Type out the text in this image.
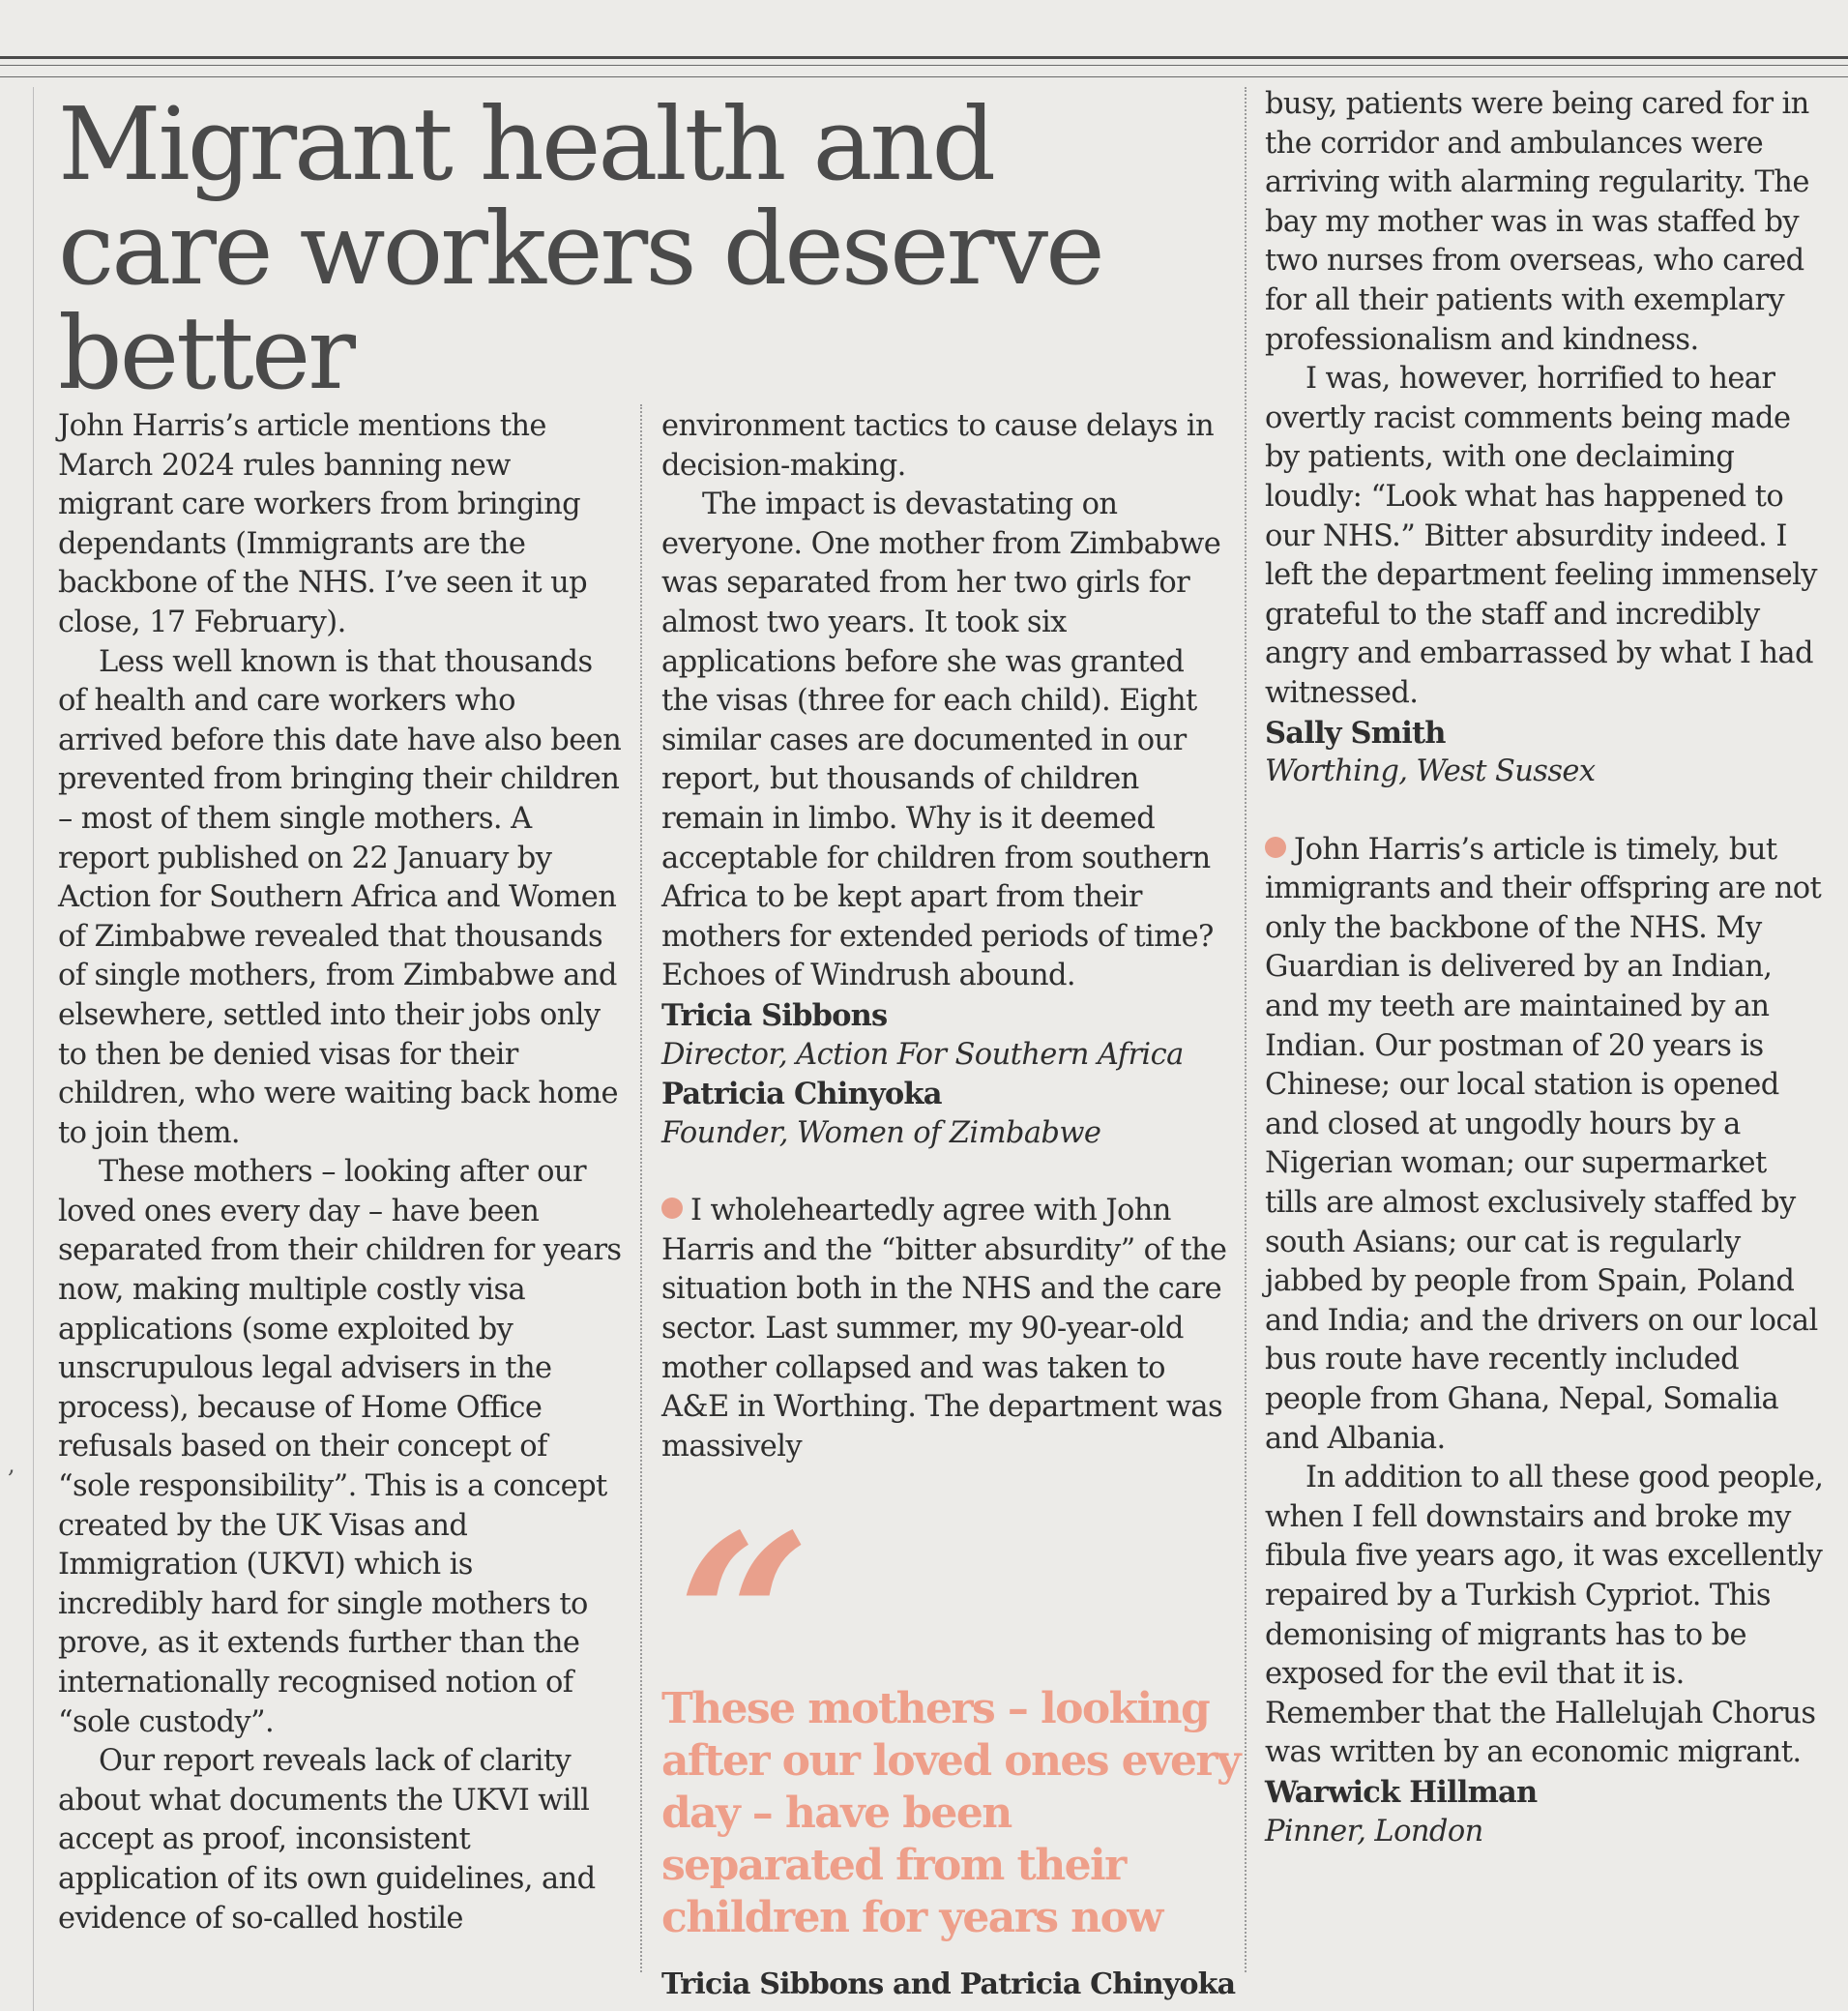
,
Migrant health and care workers deserve better

John Harris’s article mentions the March 2024 rules banning new migrant care workers from bringing dependants (Immigrants are the backbone of the NHS. I’ve seen it up close, 17 February).

Less well known is that thousands of health and care workers who arrived before this date have also been prevented from bringing their children – most of them single mothers. A report published on 22 January by Action for Southern Africa and Women of Zimbabwe revealed that thousands of single mothers, from Zimbabwe and elsewhere, settled into their jobs only to then be denied visas for their children, who were waiting back home to join them.

These mothers – looking after our loved ones every day – have been separated from their children for years now, making multiple costly visa applications (some exploited by unscrupulous legal advisers in the process), because of Home Office refusals based on their concept of “sole responsibility”. This is a concept created by the UK Visas and Immigration (UKVI) which is incredibly hard for single mothers to prove, as it extends further than the internationally recognised notion of “sole custody”.

Our report reveals lack of clarity about what documents the UKVI will accept as proof, inconsistent application of its own guidelines, and evidence of so-called hostile

environment tactics to cause delays in decision-making.

The impact is devastating on everyone. One mother from Zimbabwe was separated from her two girls for almost two years. It took six applications before she was granted the visas (three for each child). Eight similar cases are documented in our report, but thousands of children remain in limbo. Why is it deemed acceptable for children from southern Africa to be kept apart from their mothers for extended periods of time? Echoes of Windrush abound.

Tricia Sibbons
Director, Action For Southern Africa
Patricia Chinyoka
Founder, Women of Zimbabwe

I wholeheartedly agree with John Harris and the “bitter absurdity” of the situation both in the NHS and the care sector. Last summer, my 90-year-old mother collapsed and was taken to A&E in Worthing. The department was massively

“
These mothers – looking after our loved ones every day – have been separated from their children for years now
Tricia Sibbons and Patricia Chinyoka

busy, patients were being cared for in the corridor and ambulances were arriving with alarming regularity. The bay my mother was in was staffed by two nurses from overseas, who cared for all their patients with exemplary professionalism and kindness.

I was, however, horrified to hear overtly racist comments being made by patients, with one declaiming loudly: “Look what has happened to our NHS.” Bitter absurdity indeed. I left the department feeling immensely grateful to the staff and incredibly angry and embarrassed by what I had witnessed.

Sally Smith
Worthing, West Sussex

John Harris’s article is timely, but immigrants and their offspring are not only the backbone of the NHS. My Guardian is delivered by an Indian, and my teeth are maintained by an Indian. Our postman of 20 years is Chinese; our local station is opened and closed at ungodly hours by a Nigerian woman; our supermarket tills are almost exclusively staffed by south Asians; our cat is regularly jabbed by people from Spain, Poland and India; and the drivers on our local bus route have recently included people from Ghana, Nepal, Somalia and Albania.

In addition to all these good people, when I fell downstairs and broke my fibula five years ago, it was excellently repaired by a Turkish Cypriot. This demonising of migrants has to be exposed for the evil that it is. Remember that the Hallelujah Chorus was written by an economic migrant.

Warwick Hillman
Pinner, London
